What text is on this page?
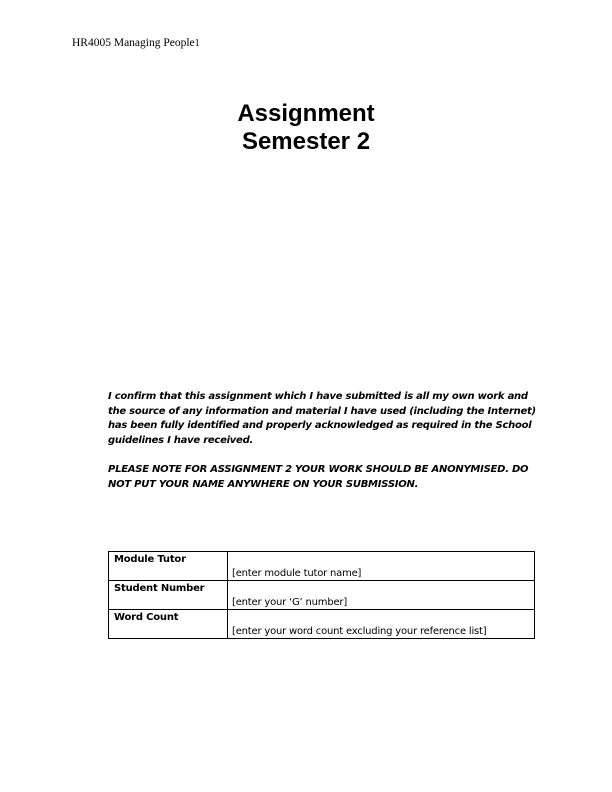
HR4005 Managing People1
Assignment
Semester 2
I confirm that this assignment which I have submitted is all my own work and the source of any information and material I have used (including the Internet) has been fully identified and properly acknowledged as required in the School guidelines I have received.
PLEASE NOTE FOR ASSIGNMENT 2 YOUR WORK SHOULD BE ANONYMISED. DO NOT PUT YOUR NAME ANYWHERE ON YOUR SUBMISSION.
Module Tutor	[enter module tutor name]
Student Number	[enter your ‘G’ number]
Word Count	[enter your word count excluding your reference list]
